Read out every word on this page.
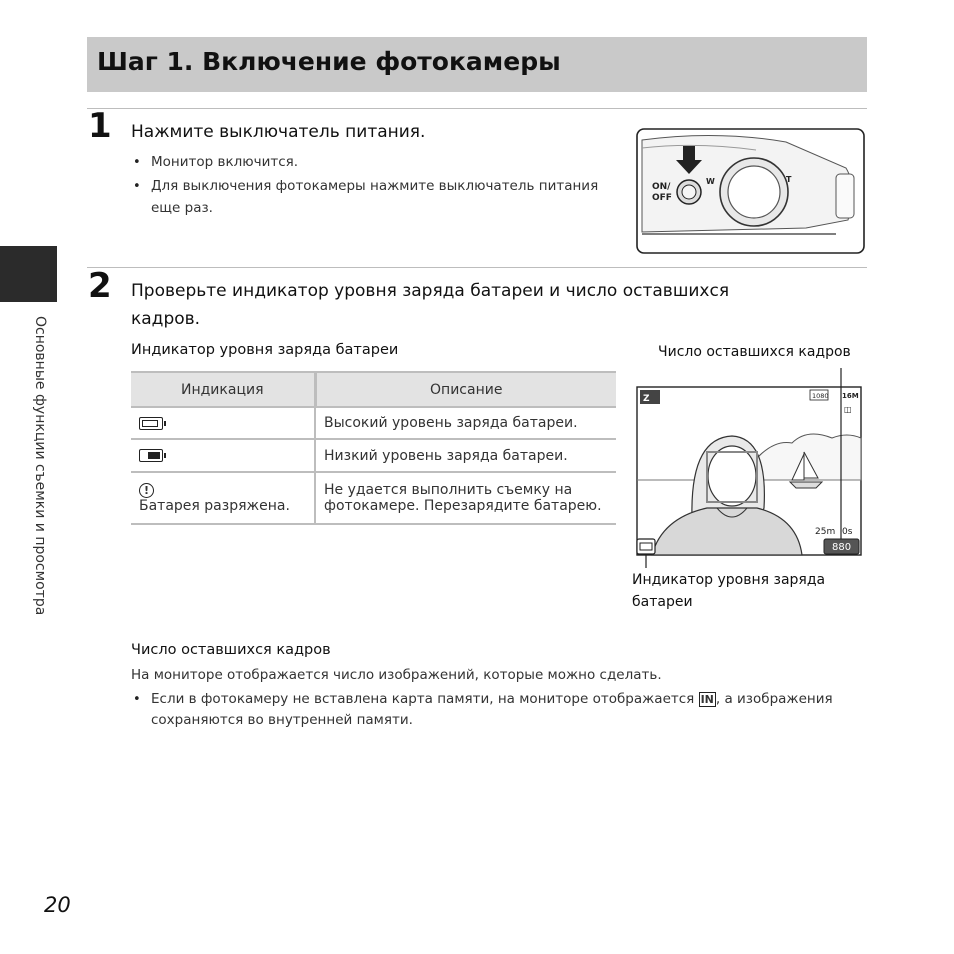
Шаг 1. Включение фотокамеры
Основные функции съемки и просмотра
1 Нажмите выключатель питания.
• Монитор включится.
• Для выключения фотокамеры нажмите выключатель питания
еще раз.
ON/
OFF
W	T
2 Проверьте индикатор уровня заряда батареи и число оставшихся
кадров.
Индикатор уровня заряда батареи
Индикация	Описание

	Высокий уровень заряда батареи.

	Низкий уровень заряда батареи.
!
Батарея разряжена.	Не удается выполнить съемку на
фотокамере. Перезарядите батарею.
Число оставшихся кадров
Z	1080 16M
◫
25m 0s
880
Индикатор уровня заряда
батареи
Число оставшихся кадров
На мониторе отображается число изображений, которые можно сделать.
• Если в фотокамеру не вставлена карта памяти, на мониторе отображается IN , а изображения
сохраняются во внутренней памяти.
20
